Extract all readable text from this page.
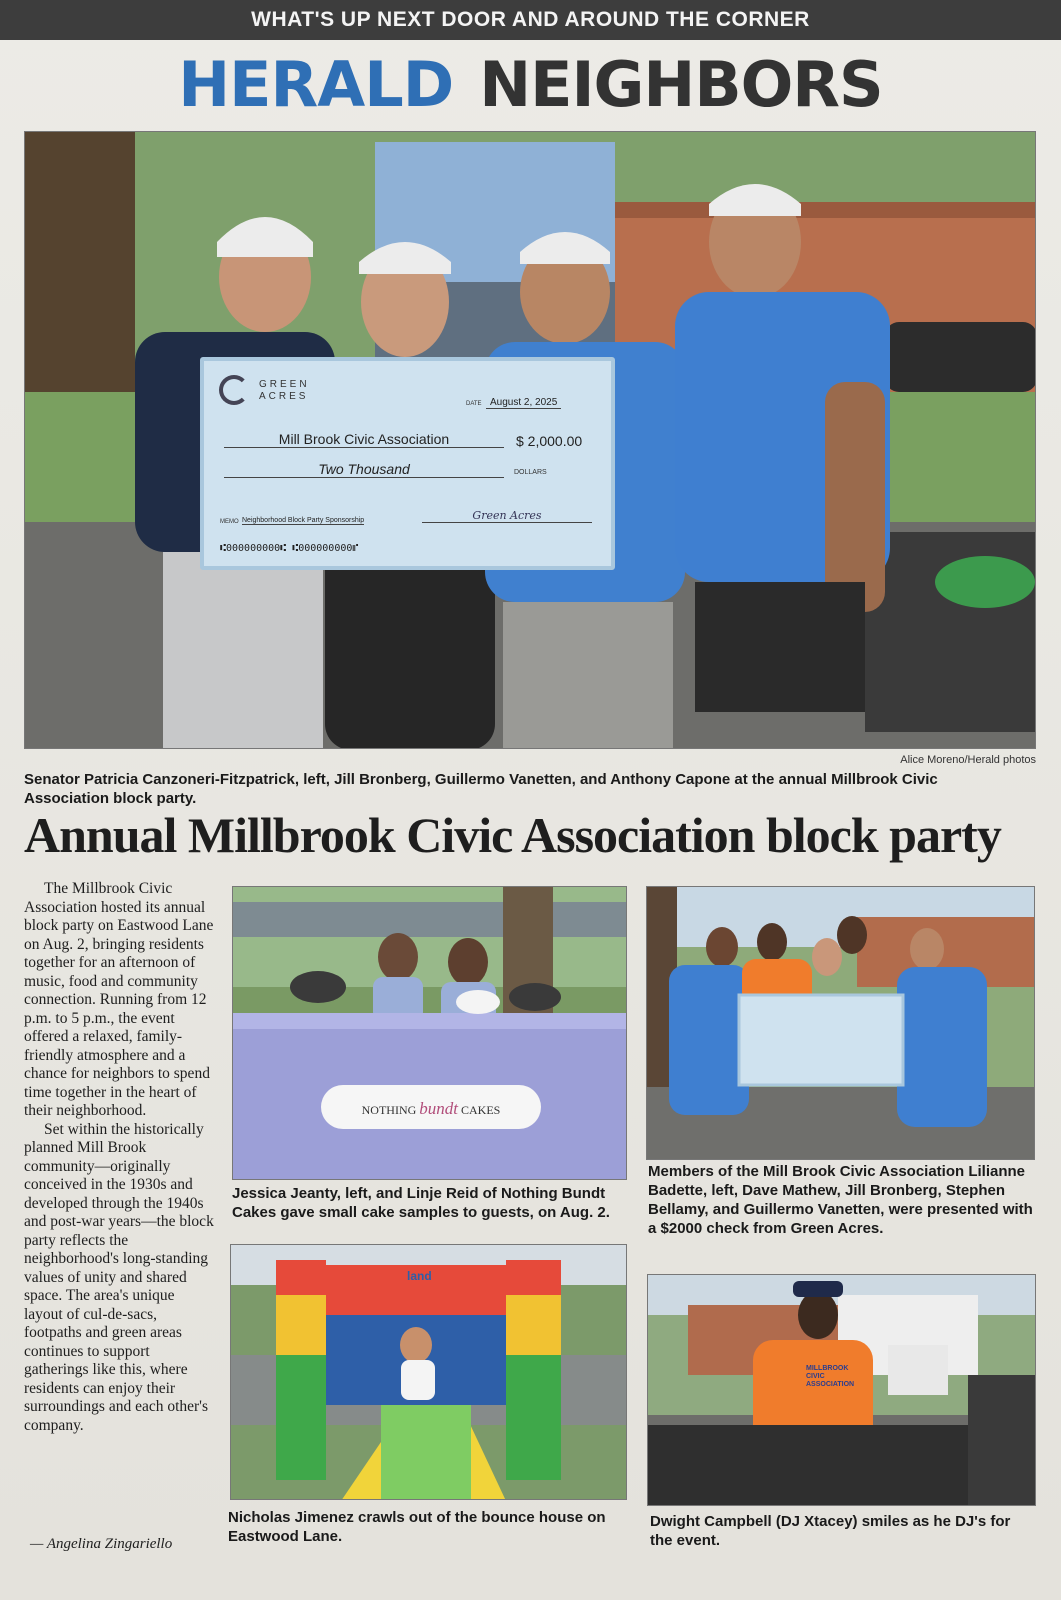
WHAT'S UP NEXT DOOR AND AROUND THE CORNER
HERALD NEIGHBORS
GREEN
ACRES
DATE August 2, 2025
Mill Brook Civic Association	$ 2,000.00
Two Thousand	DOLLARS
MEMO Neighborhood Block Party Sponsorship	Green Acres
⑆000000000⑆ ⑆000000000⑈
Alice Moreno/Herald photos
Senator Patricia Canzoneri-Fitzpatrick, left, Jill Bronberg, Guillermo Vanetten, and Anthony Capone at the annual Millbrook Civic Association block party.
Annual Millbrook Civic Association block party

The Millbrook Civic Association hosted its annual block party on Eastwood Lane on Aug. 2, bringing residents together for an afternoon of music, food and community connection. Running from 12 p.m. to 5 p.m., the event offered a relaxed, family-friendly atmosphere and a chance for neighbors to spend time together in the heart of their neighborhood.

Set within the historically planned Mill Brook community—originally conceived in the 1930s and developed through the 1940s and post-war years—the block party reflects the neighborhood's long-standing values of unity and shared space. The area's unique layout of cul-de-sacs, footpaths and green areas continues to support gatherings like this, where residents can enjoy their surroundings and each other's company.

— Angelina Zingariello
NOTHING bundt CAKES
Jessica Jeanty, left, and Linje Reid of Nothing Bundt Cakes gave small cake samples to guests, on Aug. 2.
Members of the Mill Brook Civic Association Lilianne Badette, left, Dave Mathew, Jill Bronberg, Stephen Bellamy, and Guillermo Vanetten, were presented with a $2000 check from Green Acres.
land
Nicholas Jimenez crawls out of the bounce house on Eastwood Lane.
MILLBROOK CIVIC ASSOCIATION
Dwight Campbell (DJ Xtacey) smiles as he DJ's for the event.
